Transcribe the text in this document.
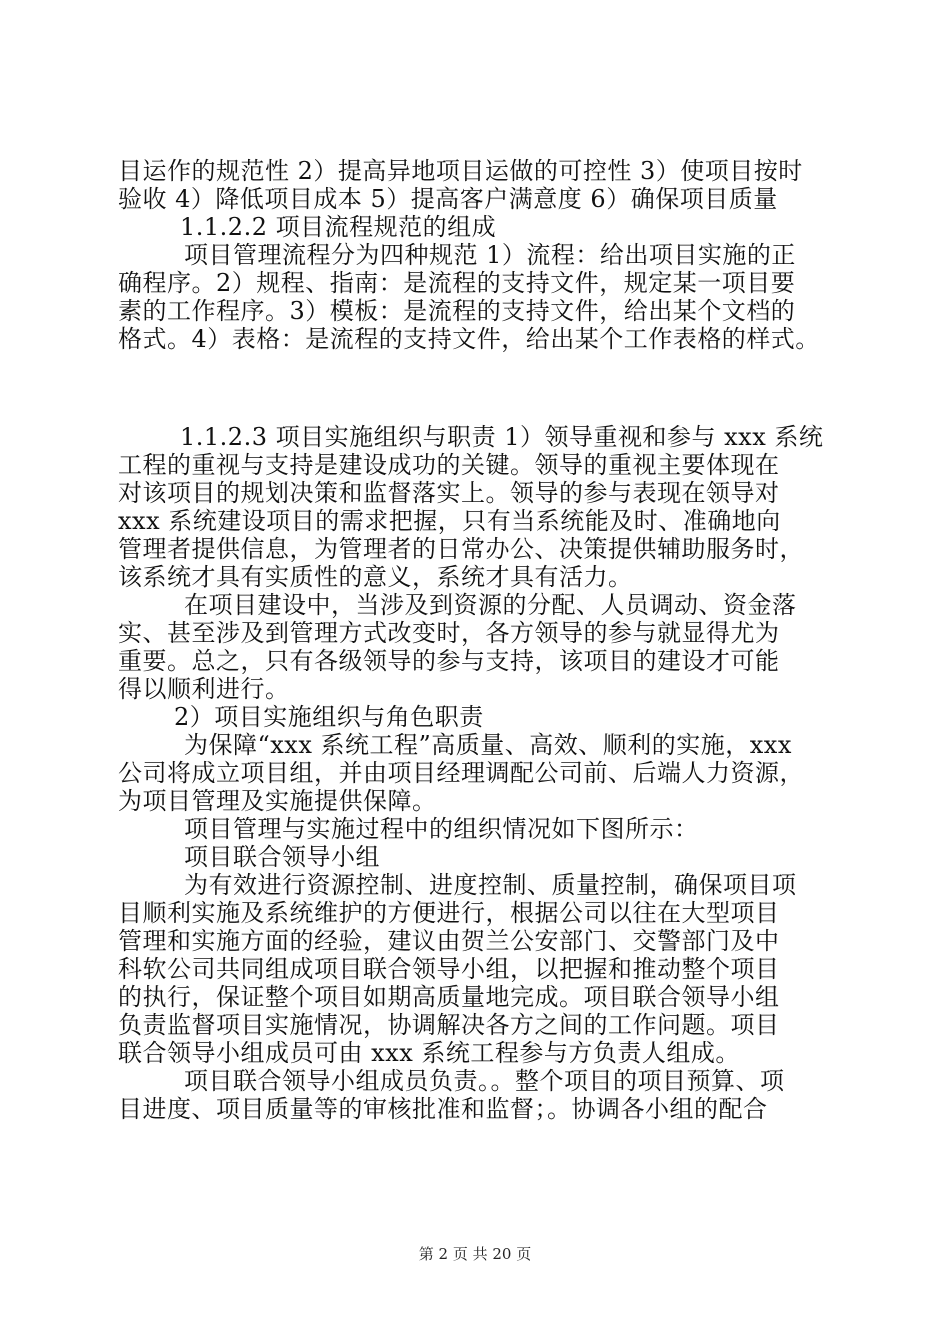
目运作的规范性 2）提高异地项目运做的可控性 3）使项目按时
验收 4）降低项目成本 5）提高客户满意度 6）确保项目质量
1.1.2.2 项目流程规范的组成
项目管理流程分为四种规范 1）流程：给出项目实施的正
确程序。2）规程、指南：是流程的支持文件，规定某一项目要
素的工作程序。3）模板：是流程的支持文件，给出某个文档的
格式。4）表格：是流程的支持文件，给出某个工作表格的样式。
1.1.2.3 项目实施组织与职责 1）领导重视和参与 xxx 系统
工程的重视与支持是建设成功的关键。领导的重视主要体现在
对该项目的规划决策和监督落实上。领导的参与表现在领导对
xxx 系统建设项目的需求把握，只有当系统能及时、准确地向
管理者提供信息，为管理者的日常办公、决策提供辅助服务时，
该系统才具有实质性的意义，系统才具有活力。
在项目建设中，当涉及到资源的分配、人员调动、资金落
实、甚至涉及到管理方式改变时，各方领导的参与就显得尤为
重要。总之，只有各级领导的参与支持，该项目的建设才可能
得以顺利进行。
2）项目实施组织与角色职责
为保障“xxx 系统工程”高质量、高效、顺利的实施，xxx
公司将成立项目组，并由项目经理调配公司前、后端人力资源，
为项目管理及实施提供保障。
项目管理与实施过程中的组织情况如下图所示：
项目联合领导小组
为有效进行资源控制、进度控制、质量控制，确保项目项
目顺利实施及系统维护的方便进行，根据公司以往在大型项目
管理和实施方面的经验，建议由贺兰公安部门、交警部门及中
科软公司共同组成项目联合领导小组，以把握和推动整个项目
的执行，保证整个项目如期高质量地完成。项目联合领导小组
负责监督项目实施情况，协调解决各方之间的工作问题。项目
联合领导小组成员可由 xxx 系统工程参与方负责人组成。
项目联合领导小组成员负责。。整个项目的项目预算、项
目进度、项目质量等的审核批准和监督；。协调各小组的配合
第 2 页 共 20 页
